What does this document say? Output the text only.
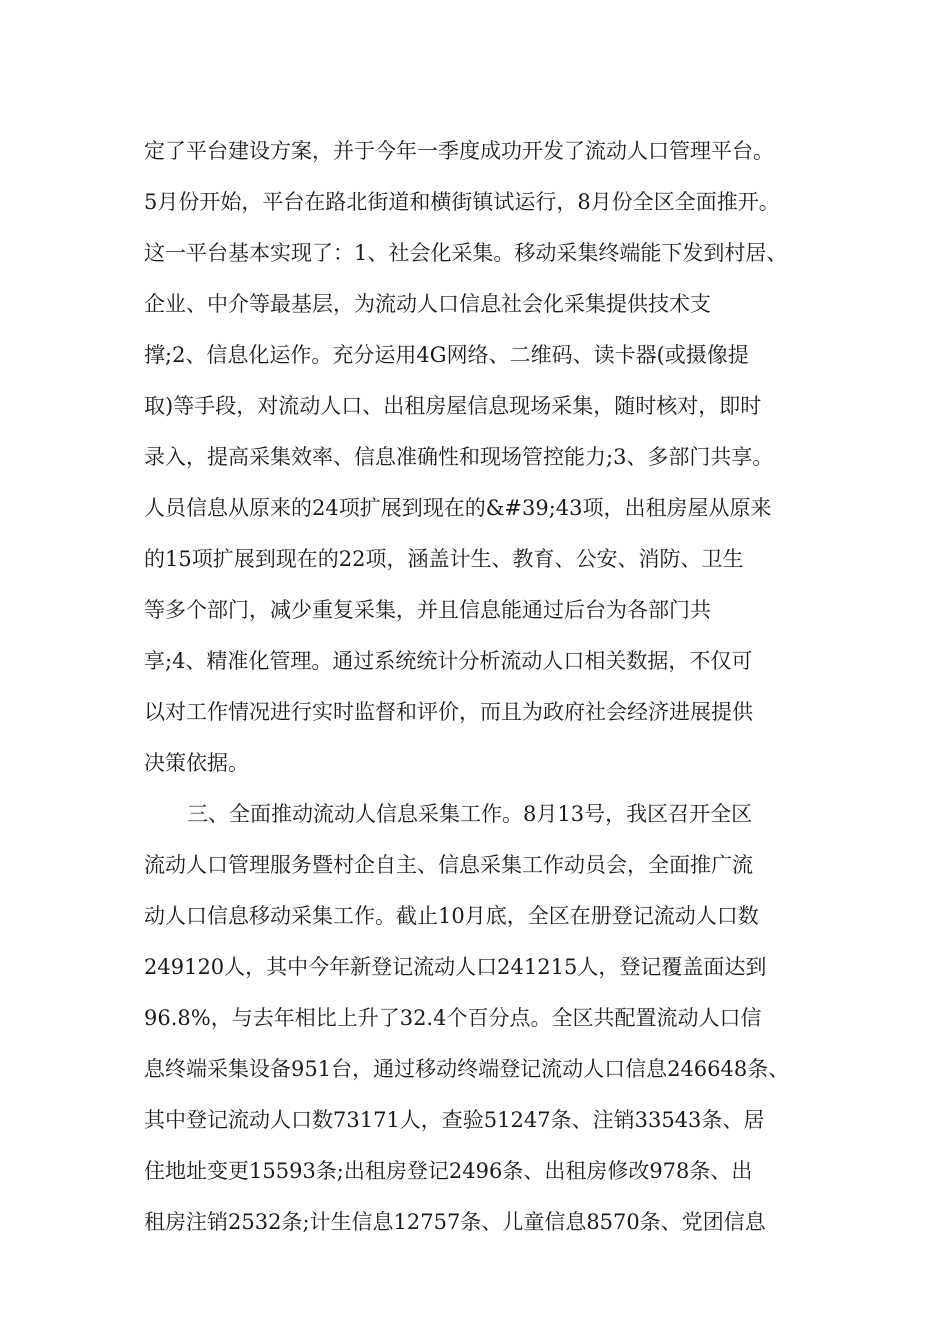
定了平台建设方案，并于今年一季度成功开发了流动人口管理平台。
5月份开始，平台在路北街道和横街镇试运行，8月份全区全面推开。
这一平台基本实现了：1、社会化采集。移动采集终端能下发到村居、
企业、中介等最基层，为流动人口信息社会化采集提供技术支
撑;2、信息化运作。充分运用4G网络、二维码、读卡器(或摄像提
取)等手段，对流动人口、出租房屋信息现场采集，随时核对，即时
录入，提高采集效率、信息准确性和现场管控能力;3、多部门共享。
人员信息从原来的24项扩展到现在的&#39;43项，出租房屋从原来
的15项扩展到现在的22项，涵盖计生、教育、公安、消防、卫生
等多个部门，减少重复采集，并且信息能通过后台为各部门共
享;4、精准化管理。通过系统统计分析流动人口相关数据，不仅可
以对工作情况进行实时监督和评价，而且为政府社会经济进展提供
决策依据。
三、全面推动流动人信息采集工作。8月13号，我区召开全区
流动人口管理服务暨村企自主、信息采集工作动员会，全面推广流
动人口信息移动采集工作。截止10月底，全区在册登记流动人口数
249120人，其中今年新登记流动人口241215人，登记覆盖面达到
96.8%，与去年相比上升了32.4个百分点。全区共配置流动人口信
息终端采集设备951台，通过移动终端登记流动人口信息246648条、
其中登记流动人口数73171人，查验51247条、注销33543条、居
住地址变更15593条;出租房登记2496条、出租房修改978条、出
租房注销2532条;计生信息12757条、儿童信息8570条、党团信息
